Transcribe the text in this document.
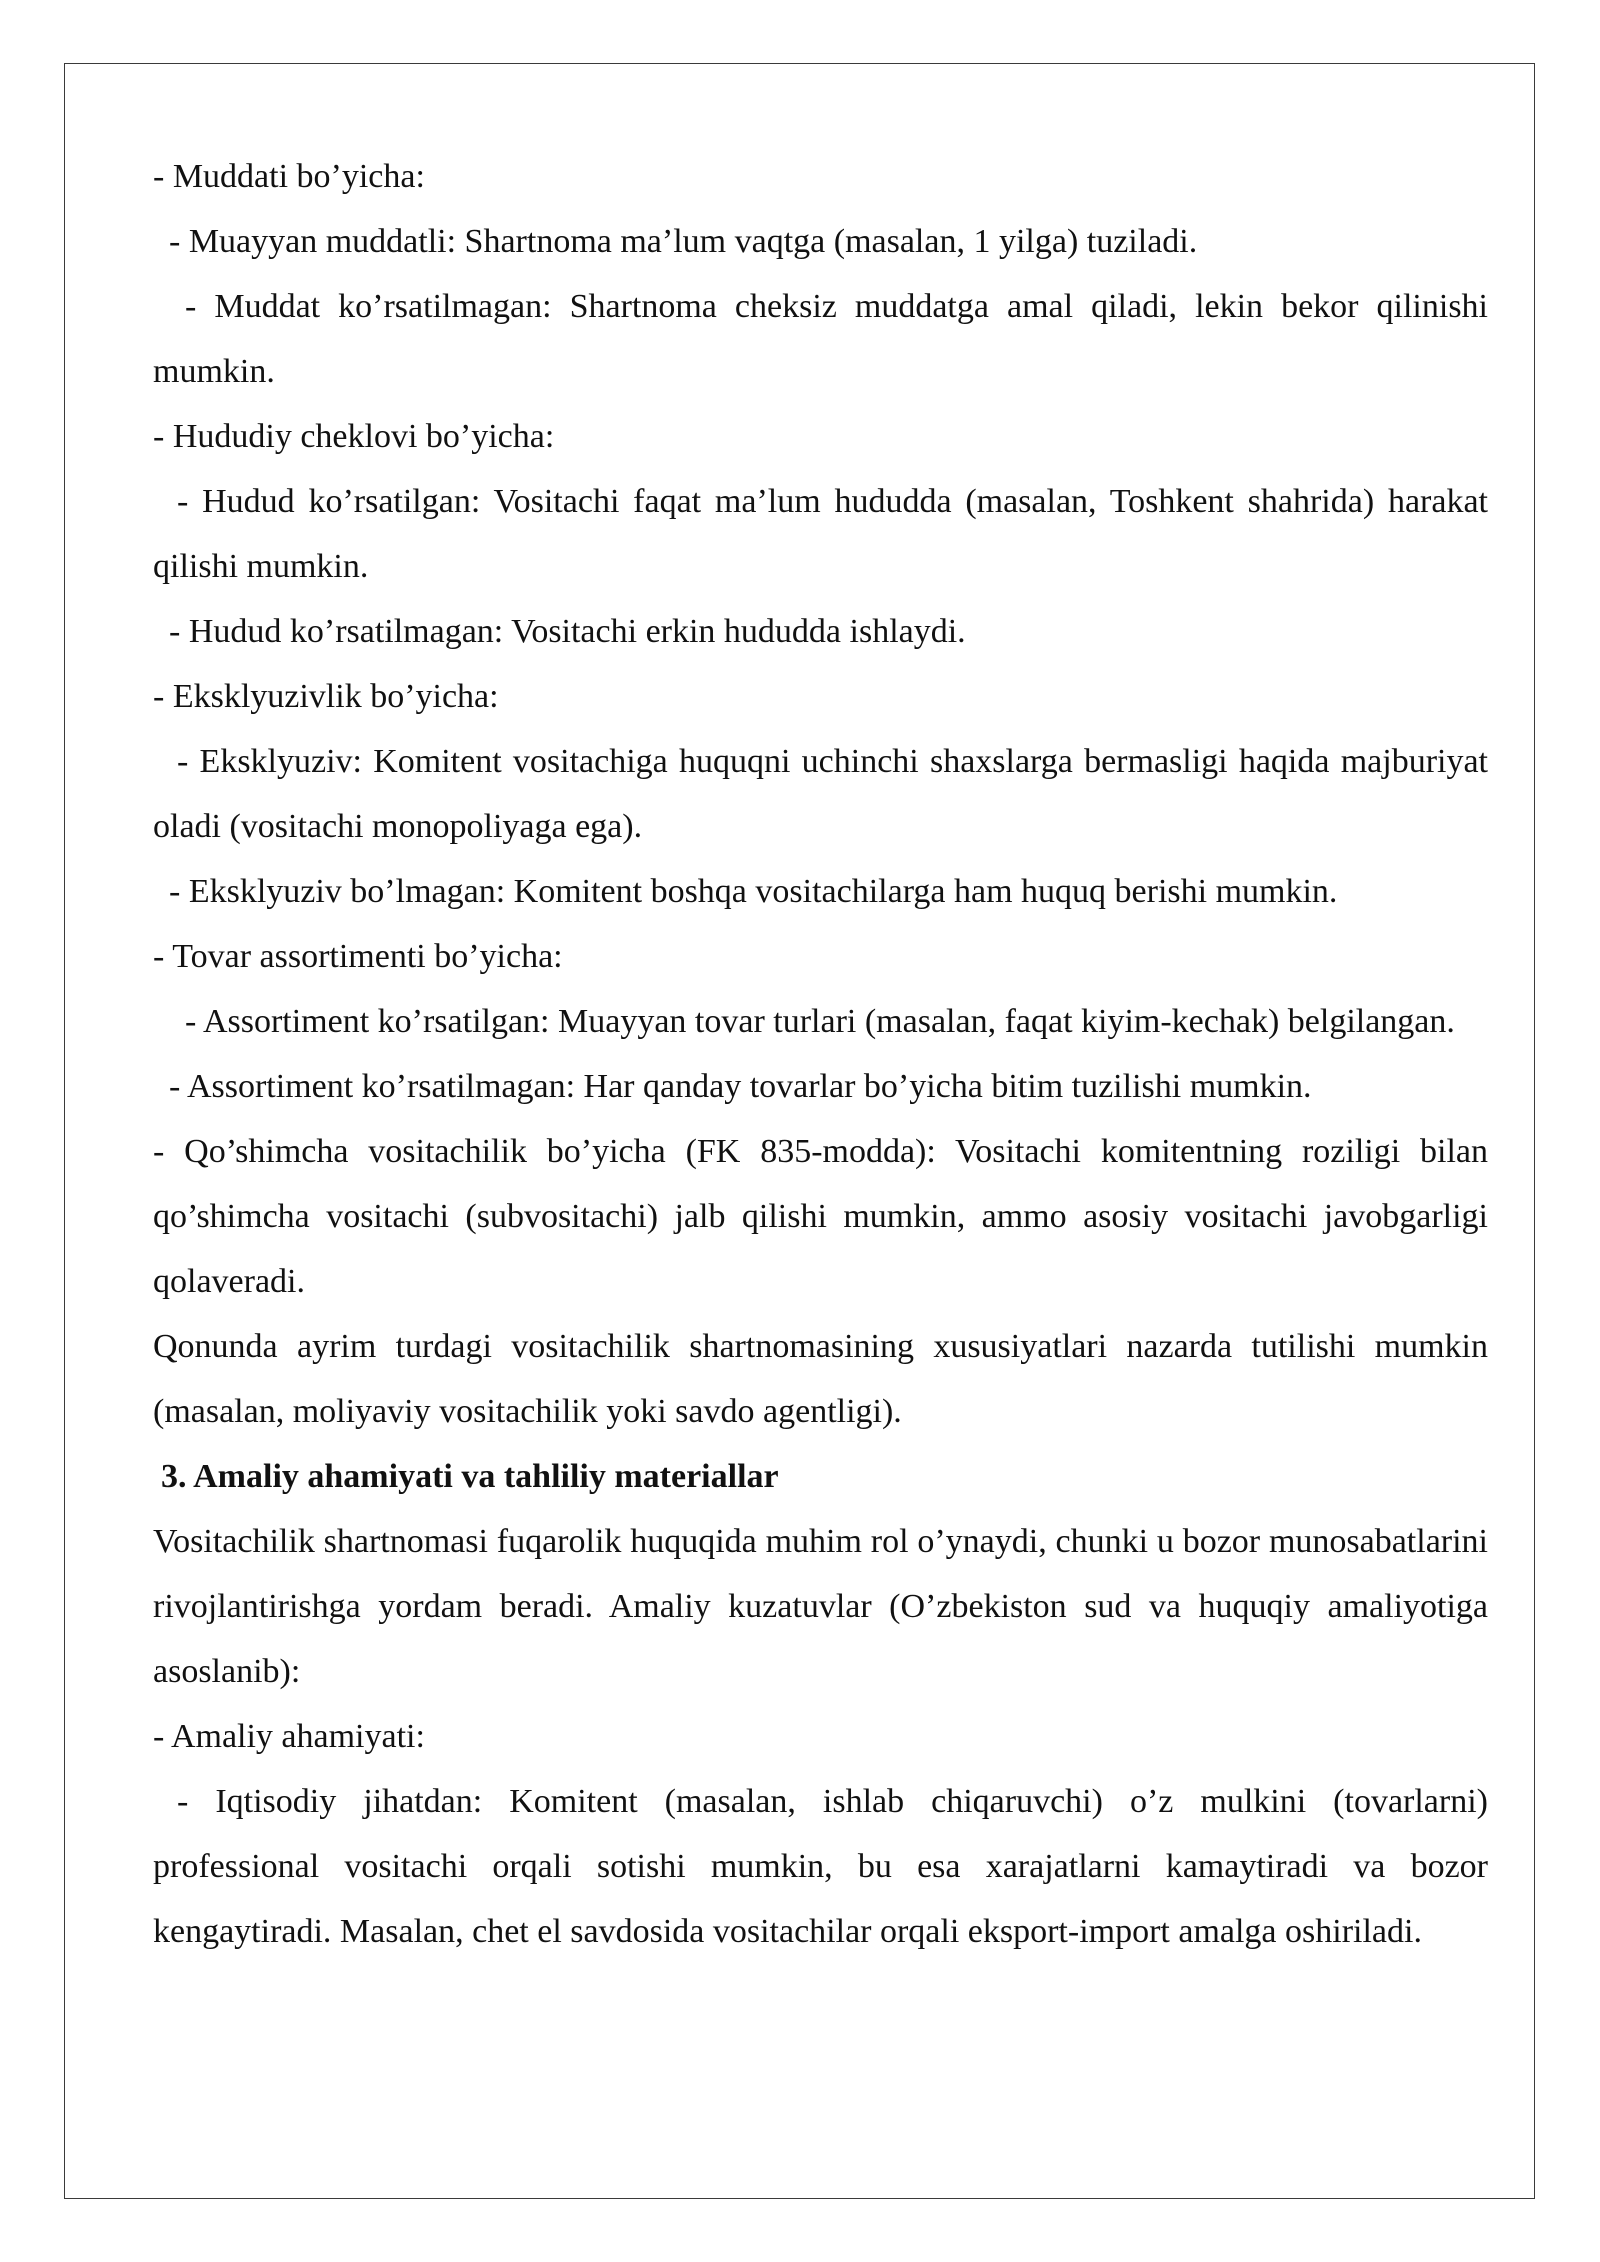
- Muddati bo’yicha:

- Muayyan muddatli: Shartnoma ma’lum vaqtga (masalan, 1 yilga) tuziladi.

- Muddat ko’rsatilmagan: Shartnoma cheksiz muddatga amal qiladi, lekin bekor qilinishi mumkin.

- Hududiy cheklovi bo’yicha:

- Hudud ko’rsatilgan: Vositachi faqat ma’lum hududda (masalan, Toshkent shahrida) harakat qilishi mumkin.

- Hudud ko’rsatilmagan: Vositachi erkin hududda ishlaydi.

- Eksklyuzivlik bo’yicha:

- Eksklyuziv: Komitent vositachiga huquqni uchinchi shaxslarga bermasligi haqida majburiyat oladi (vositachi monopoliyaga ega).

- Eksklyuziv bo’lmagan: Komitent boshqa vositachilarga ham huquq berishi mumkin.

- Tovar assortimenti bo’yicha:

- Assortiment ko’rsatilgan: Muayyan tovar turlari (masalan, faqat kiyim-kechak) belgilangan.

- Assortiment ko’rsatilmagan: Har qanday tovarlar bo’yicha bitim tuzilishi mumkin.

- Qo’shimcha vositachilik bo’yicha (FK 835-modda): Vositachi komitentning roziligi bilan qo’shimcha vositachi (subvositachi) jalb qilishi mumkin, ammo asosiy vositachi javobgarligi qolaveradi.

Qonunda ayrim turdagi vositachilik shartnomasining xususiyatlari nazarda tutilishi mumkin (masalan, moliyaviy vositachilik yoki savdo agentligi).

3. Amaliy ahamiyati va tahliliy materiallar

Vositachilik shartnomasi fuqarolik huquqida muhim rol o’ynaydi, chunki u bozor munosabatlarini rivojlantirishga yordam beradi. Amaliy kuzatuvlar (O’zbekiston sud va huquqiy amaliyotiga asoslanib):

- Amaliy ahamiyati:

- Iqtisodiy jihatdan: Komitent (masalan, ishlab chiqaruvchi) o’z mulkini (tovarlarni) professional vositachi orqali sotishi mumkin, bu esa xarajatlarni kamaytiradi va bozor kengaytiradi. Masalan, chet el savdosida vositachilar orqali eksport-import amalga oshiriladi.
